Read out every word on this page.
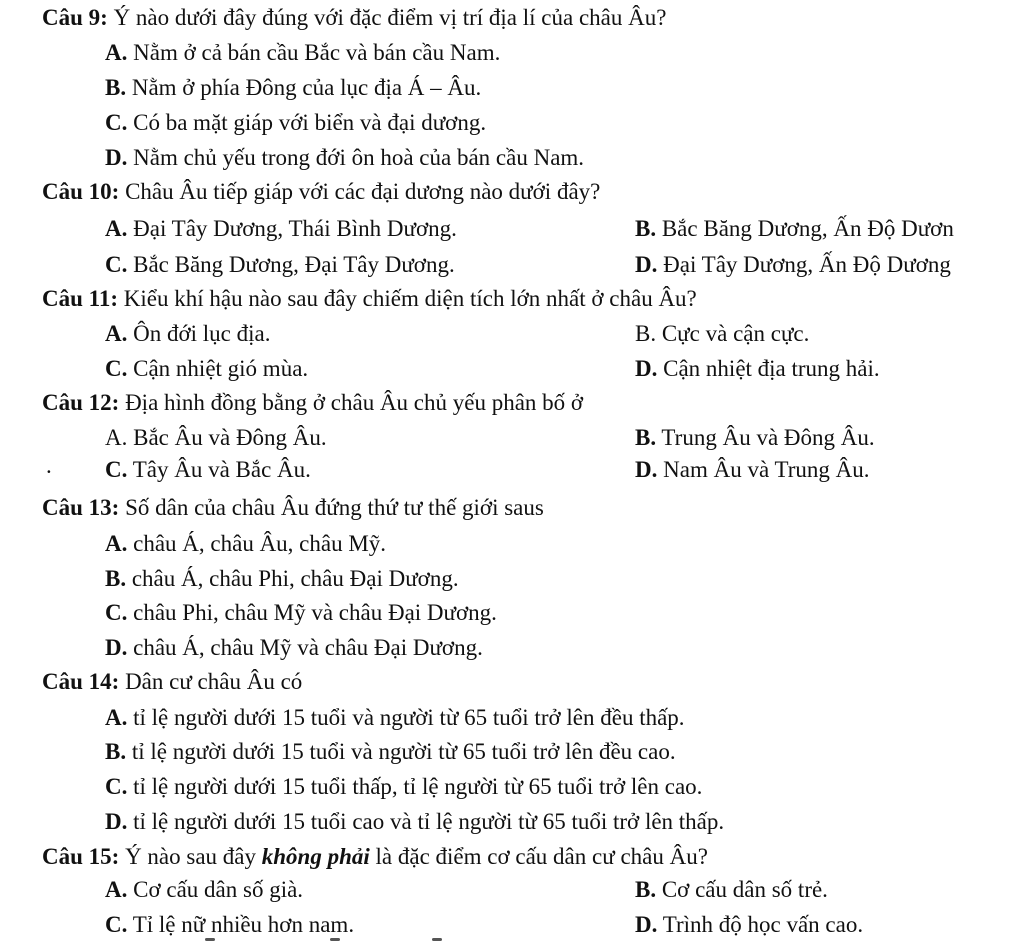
Câu 9: Ý nào dưới đây đúng với đặc điểm vị trí địa lí của châu Âu?
A. Nằm ở cả bán cầu Bắc và bán cầu Nam.
B. Nằm ở phía Đông của lục địa Á – Âu.
C. Có ba mặt giáp với biển và đại dương.
D. Nằm chủ yếu trong đới ôn hoà của bán cầu Nam.
Câu 10: Châu Âu tiếp giáp với các đại dương nào dưới đây?
A. Đại Tây Dương, Thái Bình Dương.	B. Bắc Băng Dương, Ấn Độ Dươn
C. Bắc Băng Dương, Đại Tây Dương.	D. Đại Tây Dương, Ấn Độ Dương
Câu 11: Kiểu khí hậu nào sau đây chiếm diện tích lớn nhất ở châu Âu?
A. Ôn đới lục địa.	B. Cực và cận cực.
C. Cận nhiệt gió mùa.	D. Cận nhiệt địa trung hải.
Câu 12: Địa hình đồng bằng ở châu Âu chủ yếu phân bố ở
A. Bắc Âu và Đông Âu.	B. Trung Âu và Đông Âu.
. C. Tây Âu và Bắc Âu.	D. Nam Âu và Trung Âu.
Câu 13: Số dân của châu Âu đứng thứ tư thế giới saus
A. châu Á, châu Âu, châu Mỹ.
B. châu Á, châu Phi, châu Đại Dương.
C. châu Phi, châu Mỹ và châu Đại Dương.
D. châu Á, châu Mỹ và châu Đại Dương.
Câu 14: Dân cư châu Âu có
A. tỉ lệ người dưới 15 tuổi và người từ 65 tuổi trở lên đều thấp.
B. tỉ lệ người dưới 15 tuổi và người từ 65 tuổi trở lên đều cao.
C. tỉ lệ người dưới 15 tuổi thấp, tỉ lệ người từ 65 tuổi trở lên cao.
D. tỉ lệ người dưới 15 tuổi cao và tỉ lệ người từ 65 tuổi trở lên thấp.
Câu 15: Ý nào sau đây không phải là đặc điểm cơ cấu dân cư châu Âu?
A. Cơ cấu dân số già.	B. Cơ cấu dân số trẻ.
C. Tỉ lệ nữ nhiều hơn nam.	D. Trình độ học vấn cao.
